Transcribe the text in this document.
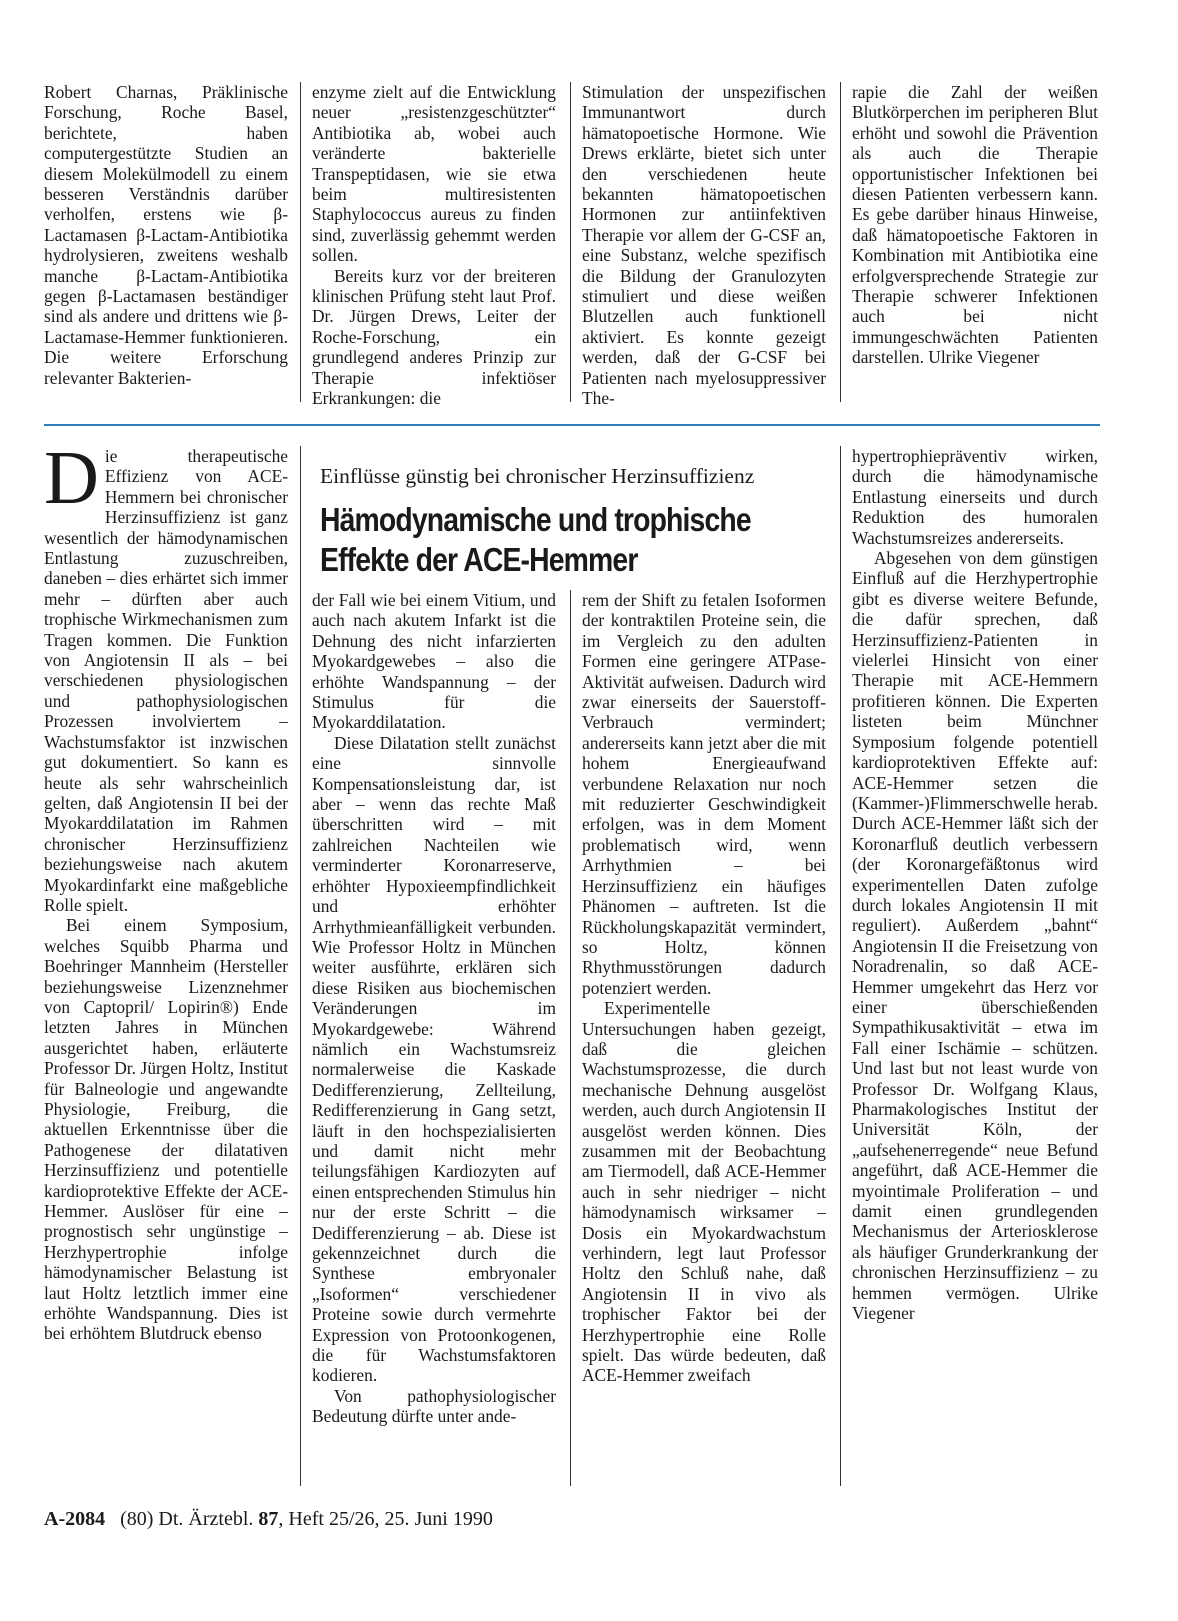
Robert Charnas, Präklinische Forschung, Roche Basel, berichtete, haben computergestützte Studien an diesem Molekülmodell zu einem besseren Verständnis darüber verholfen, erstens wie β-Lactamasen β-Lactam-Antibiotika hydrolysieren, zweitens weshalb manche β-Lactam-Antibiotika gegen β-Lactamasen beständiger sind als andere und drittens wie β-Lactamase-Hemmer funktionieren. Die weitere Erforschung relevanter Bakterien-

enzyme zielt auf die Entwicklung neuer „resistenzgeschützter“ Antibiotika ab, wobei auch veränderte bakterielle Transpeptidasen, wie sie etwa beim multiresistenten Staphylococcus aureus zu finden sind, zuverlässig gehemmt werden sollen.

Bereits kurz vor der breiteren klinischen Prüfung steht laut Prof. Dr. Jürgen Drews, Leiter der Roche-Forschung, ein grundlegend anderes Prinzip zur Therapie infektiöser Erkrankungen: die

Stimulation der unspezifischen Immunantwort durch hämatopoetische Hormone. Wie Drews erklärte, bietet sich unter den verschiedenen heute bekannten hämatopoetischen Hormonen zur antiinfektiven Therapie vor allem der G-CSF an, eine Substanz, welche spezifisch die Bildung der Granulozyten stimuliert und diese weißen Blutzellen auch funktionell aktiviert. Es konnte gezeigt werden, daß der G-CSF bei Patienten nach myelosuppressiver The-

rapie die Zahl der weißen Blutkörperchen im peripheren Blut erhöht und sowohl die Prävention als auch die Therapie opportunistischer Infektionen bei diesen Patienten verbessern kann. Es gebe darüber hinaus Hinweise, daß hämatopoetische Faktoren in Kombination mit Antibiotika eine erfolgversprechende Strategie zur Therapie schwerer Infektionen auch bei nicht immungeschwächten Patienten darstellen. Ulrike Viegener

Die therapeutische Effizienz von ACE-Hemmern bei chronischer Herzinsuffizienz ist ganz wesentlich der hämodynamischen Entlastung zuzuschreiben, daneben – dies erhärtet sich immer mehr – dürften aber auch trophische Wirkmechanismen zum Tragen kommen. Die Funktion von Angiotensin II als – bei verschiedenen physiologischen und pathophysiologischen Prozessen involviertem – Wachstumsfaktor ist inzwischen gut dokumentiert. So kann es heute als sehr wahrscheinlich gelten, daß Angiotensin II bei der Myokarddilatation im Rahmen chronischer Herzinsuffizienz beziehungsweise nach akutem Myokardinfarkt eine maßgebliche Rolle spielt.

Bei einem Symposium, welches Squibb Pharma und Boehringer Mannheim (Hersteller beziehungsweise Lizenznehmer von Captopril/ Lopirin®) Ende letzten Jahres in München ausgerichtet haben, erläuterte Professor Dr. Jürgen Holtz, Institut für Balneologie und angewandte Physiologie, Freiburg, die aktuellen Erkenntnisse über die Pathogenese der dilatativen Herzinsuffizienz und potentielle kardioprotektive Effekte der ACE-Hemmer. Auslöser für eine – prognostisch sehr ungünstige – Herzhypertrophie infolge hämodynamischer Belastung ist laut Holtz letztlich immer eine erhöhte Wandspannung. Dies ist bei erhöhtem Blutdruck ebenso

Einflüsse günstig bei chronischer Herzinsuffizienz
Hämodynamische und trophische Effekte der ACE-Hemmer

der Fall wie bei einem Vitium, und auch nach akutem Infarkt ist die Dehnung des nicht infarzierten Myokardgewebes – also die erhöhte Wandspannung – der Stimulus für die Myokarddilatation.

Diese Dilatation stellt zunächst eine sinnvolle Kompensationsleistung dar, ist aber – wenn das rechte Maß überschritten wird – mit zahlreichen Nachteilen wie verminderter Koronarreserve, erhöhter Hypoxieempfindlichkeit und erhöhter Arrhythmieanfälligkeit verbunden. Wie Professor Holtz in München weiter ausführte, erklären sich diese Risiken aus biochemischen Veränderungen im Myokardgewebe: Während nämlich ein Wachstumsreiz normalerweise die Kaskade Dedifferenzierung, Zellteilung, Redifferenzierung in Gang setzt, läuft in den hochspezialisierten und damit nicht mehr teilungsfähigen Kardiozyten auf einen entsprechenden Stimulus hin nur der erste Schritt – die Dedifferenzierung – ab. Diese ist gekennzeichnet durch die Synthese embryonaler „Isoformen“ verschiedener Proteine sowie durch vermehrte Expression von Protoonkogenen, die für Wachstumsfaktoren kodieren.

Von pathophysiologischer Bedeutung dürfte unter ande-

rem der Shift zu fetalen Isoformen der kontraktilen Proteine sein, die im Vergleich zu den adulten Formen eine geringere ATPase-Aktivität aufweisen. Dadurch wird zwar einerseits der Sauerstoff-Verbrauch vermindert; andererseits kann jetzt aber die mit hohem Energieaufwand verbundene Relaxation nur noch mit reduzierter Geschwindigkeit erfolgen, was in dem Moment problematisch wird, wenn Arrhythmien – bei Herzinsuffizienz ein häufiges Phänomen – auftreten. Ist die Rückholungskapazität vermindert, so Holtz, können Rhythmusstörungen dadurch potenziert werden.

Experimentelle Untersuchungen haben gezeigt, daß die gleichen Wachstumsprozesse, die durch mechanische Dehnung ausgelöst werden, auch durch Angiotensin II ausgelöst werden können. Dies zusammen mit der Beobachtung am Tiermodell, daß ACE-Hemmer auch in sehr niedriger – nicht hämodynamisch wirksamer – Dosis ein Myokardwachstum verhindern, legt laut Professor Holtz den Schluß nahe, daß Angiotensin II in vivo als trophischer Faktor bei der Herzhypertrophie eine Rolle spielt. Das würde bedeuten, daß ACE-Hemmer zweifach

hypertrophiepräventiv wirken, durch die hämodynamische Entlastung einerseits und durch Reduktion des humoralen Wachstumsreizes andererseits.

Abgesehen von dem günstigen Einfluß auf die Herzhypertrophie gibt es diverse weitere Befunde, die dafür sprechen, daß Herzinsuffizienz-Patienten in vielerlei Hinsicht von einer Therapie mit ACE-Hemmern profitieren können. Die Experten listeten beim Münchner Symposium folgende potentiell kardioprotektiven Effekte auf: ACE-Hemmer setzen die (Kammer-)Flimmerschwelle herab. Durch ACE-Hemmer läßt sich der Koronarfluß deutlich verbessern (der Koronargefäßtonus wird experimentellen Daten zufolge durch lokales Angiotensin II mit reguliert). Außerdem „bahnt“ Angiotensin II die Freisetzung von Noradrenalin, so daß ACE-Hemmer umgekehrt das Herz vor einer überschießenden Sympathikusaktivität – etwa im Fall einer Ischämie – schützen. Und last but not least wurde von Professor Dr. Wolfgang Klaus, Pharmakologisches Institut der Universität Köln, der „aufsehenerregende“ neue Befund angeführt, daß ACE-Hemmer die myointimale Proliferation – und damit einen grundlegenden Mechanismus der Arteriosklerose als häufiger Grunderkrankung der chronischen Herzinsuffizienz – zu hemmen vermögen. Ulrike Viegener

A-2084 (80) Dt. Ärztebl. 87, Heft 25/26, 25. Juni 1990
